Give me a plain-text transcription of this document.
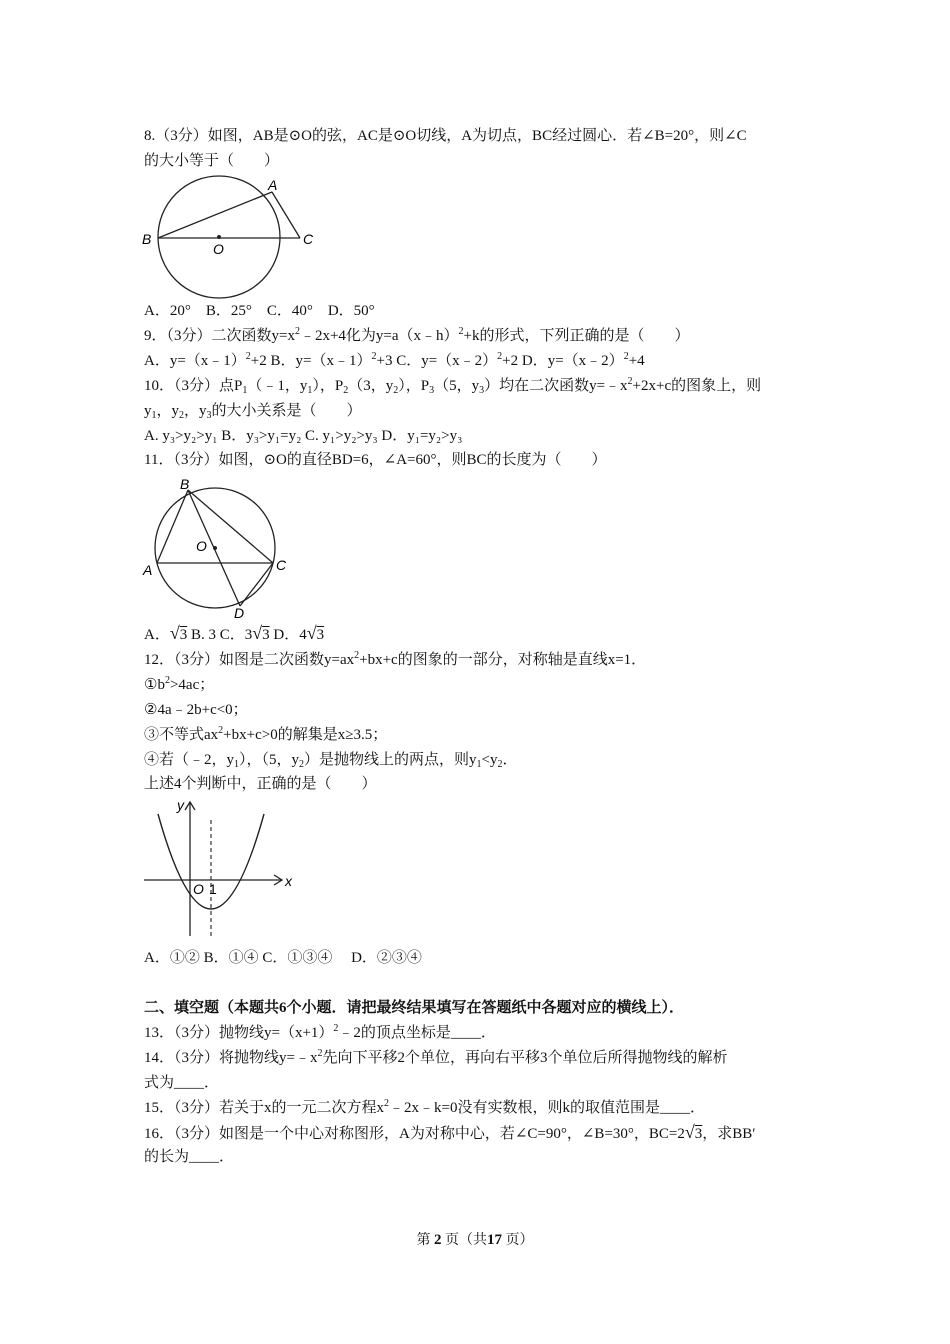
8.（3分）如图，AB是⊙O的弦，AC是⊙O切线，A为切点，BC经过圆心．若∠B=20°，则∠C
的大小等于（　　）
A
B
O
C
A．20°　B．25°　C．40°　D．50°
9．（3分）二次函数$y=x^2﹣2x+4$化为y=a（x﹣h）$^2$+k的形式，下列正确的是（　　）
A．y=（x﹣1）$^2$+2 B．y=（x﹣1）$^2$+3 C．y=（x﹣2）$^2$+2 D．y=（x﹣2）$^2$+4
10．（3分）点$P_1(﹣1$，$y_1$），$P_2(3$，$y_2$），$P_3(5$，$y_3$）均在二次函数$y=﹣x^2+2x+c$的图象上，则
$y_1$，$y_2$，$y_3$的大小关系是（　　）
A. y₃>y₂>y₁ B．y₃>y₁=y₂ C. y₁>y₂>y₃ D．y₁=y₂>y₃
11．（3分）如图，⊙O的直径BD=6，∠A=60°，则BC的长度为（　　）
B
A
O
C
D
A．√3 B. 3 C．3√3 D．4√3
12．（3分）如图是二次函数$y=ax^2+bx+c$的图象的一部分，对称轴是直线x=1．
$①b^2>4ac$；
②4a﹣2b+c<0；
③不等式$ax^2+bx+c>0$的解集是x≥3.5；
④若（﹣2，$y_1$），（5，$y_2$）是抛物线上的两点，则$y_1<y_2$．
上述4个判断中，正确的是（　　）
y
x
O 1
A．①② B．①④ C．①③④　 D．②③④
二、填空题（本题共6个小题．请把最终结果填写在答题纸中各题对应的横线上）．
13．（3分）抛物线$y=(x+1)^2﹣2$的顶点坐标是____．
14．（3分）将抛物线$y=﹣x^2$先向下平移2个单位，再向右平移3个单位后所得抛物线的解析
式为____．
15．（3分）若关于x的一元二次方程$x^2﹣2x﹣k=0$没有实数根，则k的取值范围是____．
16．（3分）如图是一个中心对称图形，A为对称中心，若∠C=90°，∠B=30°，BC=2√3，求BB′
的长为____．
第 2 页（共17 页）
